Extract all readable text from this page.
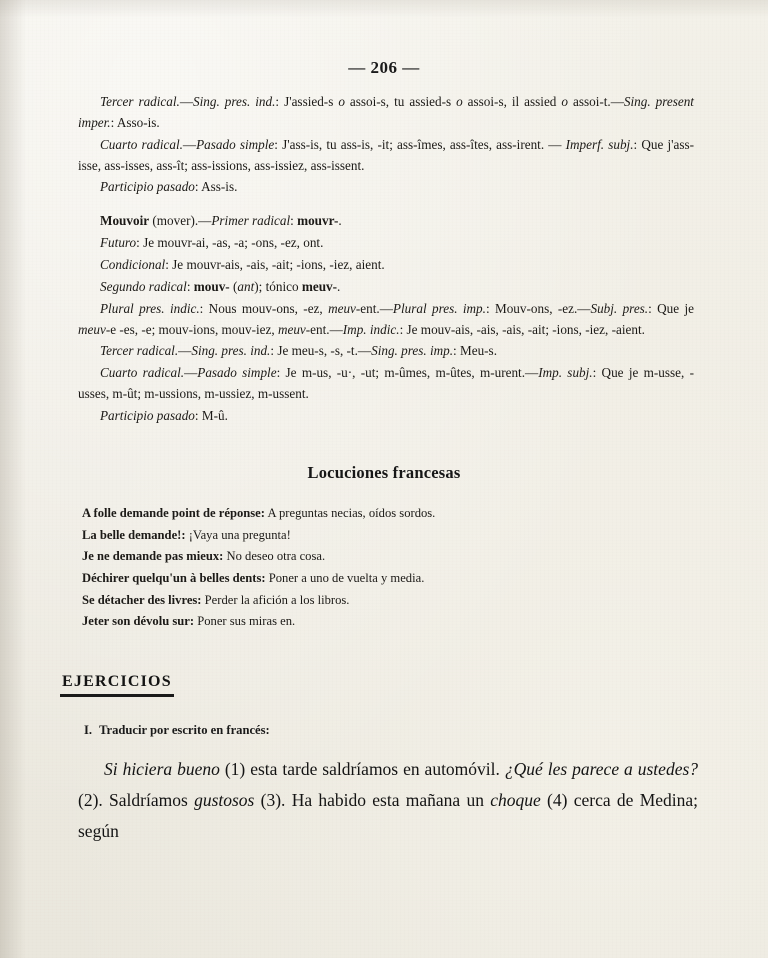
— 206 —

Tercer radical.—Sing. pres. ind.: J'assied-s o assoi-s, tu assied-s o assoi-s, il assied o assoi-t.—Sing. present imper.: Asso-is.

Cuarto radical.—Pasado simple: J'ass-is, tu ass-is, -it; ass-îmes, ass-îtes, ass-irent. — Imperf. subj.: Que j'ass-isse, ass-isses, ass-ît; ass-issions, ass-issiez, ass-issent.

Participio pasado: Ass-is.

Mouvoir (mover).—Primer radical: mouvr-.

Futuro: Je mouvr-ai, -as, -a; -ons, -ez, ont.

Condicional: Je mouvr-ais, -ais, -ait; -ions, -iez, aient.

Segundo radical: mouv- (ant); tónico meuv-.

Plural pres. indic.: Nous mouv-ons, -ez, meuv-ent.—Plural pres. imp.: Mouv-ons, -ez.—Subj. pres.: Que je meuv-e -es, -e; mouv-ions, mouv-iez, meuv-ent.—Imp. indic.: Je mouv-ais, -ais, -ais, -ait; -ions, -iez, -aient.

Tercer radical.—Sing. pres. ind.: Je meu-s, -s, -t.—Sing. pres. imp.: Meu-s.

Cuarto radical.—Pasado simple: Je m-us, -u·, -ut; m-ûmes, m-ûtes, m-urent.—Imp. subj.: Que je m-usse, -usses, m-ût; m-ussions, m-ussiez, m-ussent.

Participio pasado: M-û.

Locuciones francesas
A folle demande point de réponse: A preguntas necias, oídos sordos.
La belle demande!: ¡Vaya una pregunta!
Je ne demande pas mieux: No deseo otra cosa.
Déchirer quelqu'un à belles dents: Poner a uno de vuelta y media.
Se détacher des livres: Perder la afición a los libros.
Jeter son dévolu sur: Poner sus miras en.
EJERCICIOS
I. Traducir por escrito en francés:
Si hiciera bueno (1) esta tarde saldríamos en automóvil. ¿Qué les parece a ustedes? (2). Saldríamos gustosos (3). Ha habido esta mañana un choque (4) cerca de Medina; según
